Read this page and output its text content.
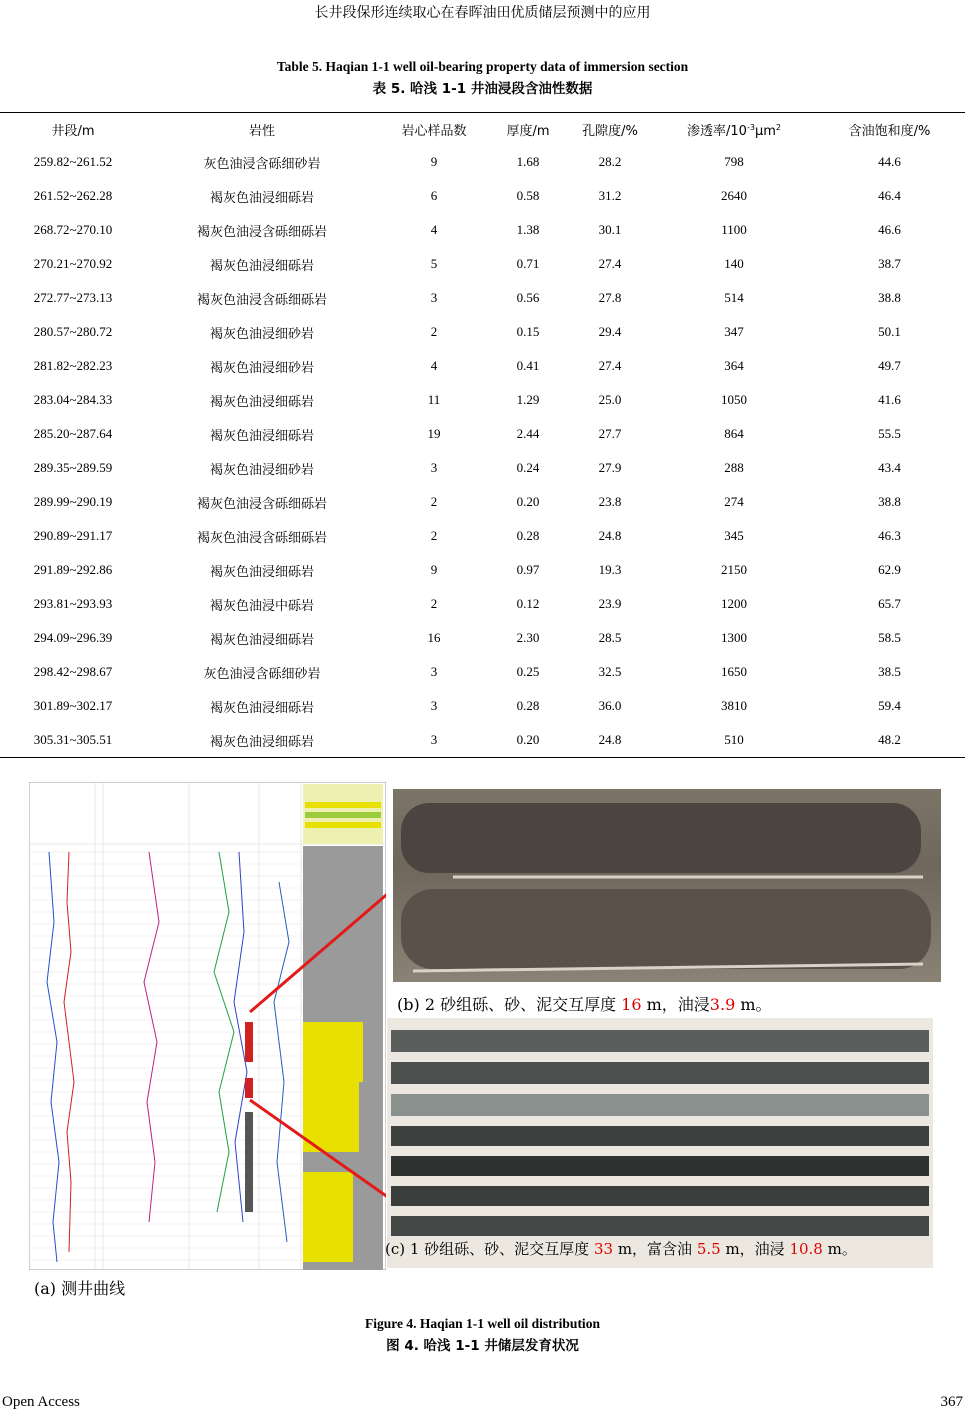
长井段保形连续取心在春晖油田优质储层预测中的应用
Table 5. Haqian 1-1 well oil-bearing property data of immersion section
表 5. 哈浅 1-1 井油浸段含油性数据
井段/m	岩性	岩心样品数	厚度/m	孔隙度/%	渗透率$/10^{-3}\mu m^2$	含油饱和度/%
259.82~261.52	灰色油浸含砾细砂岩	9	1.68	28.2	798	44.6
261.52~262.28	褐灰色油浸细砾岩	6	0.58	31.2	2640	46.4
268.72~270.10	褐灰色油浸含砾细砾岩	4	1.38	30.1	1100	46.6
270.21~270.92	褐灰色油浸细砾岩	5	0.71	27.4	140	38.7
272.77~273.13	褐灰色油浸含砾细砾岩	3	0.56	27.8	514	38.8
280.57~280.72	褐灰色油浸细砂岩	2	0.15	29.4	347	50.1
281.82~282.23	褐灰色油浸细砂岩	4	0.41	27.4	364	49.7
283.04~284.33	褐灰色油浸细砾岩	11	1.29	25.0	1050	41.6
285.20~287.64	褐灰色油浸细砾岩	19	2.44	27.7	864	55.5
289.35~289.59	褐灰色油浸细砂岩	3	0.24	27.9	288	43.4
289.99~290.19	褐灰色油浸含砾细砾岩	2	0.20	23.8	274	38.8
290.89~291.17	褐灰色油浸含砾细砾岩	2	0.28	24.8	345	46.3
291.89~292.86	褐灰色油浸细砾岩	9	0.97	19.3	2150	62.9
293.81~293.93	褐灰色油浸中砾岩	2	0.12	23.9	1200	65.7
294.09~296.39	褐灰色油浸细砾岩	16	2.30	28.5	1300	58.5
298.42~298.67	灰色油浸含砾细砂岩	3	0.25	32.5	1650	38.5
301.89~302.17	褐灰色油浸细砾岩	3	0.28	36.0	3810	59.4
305.31~305.51	褐灰色油浸细砾岩	3	0.20	24.8	510	48.2
(b) 2 砂组砾、砂、泥交互厚度 16 m，油浸3.9 m。
(c) 1 砂组砾、砂、泥交互厚度 33 m，富含油 5.5 m，油浸 10.8 m。
(a) 测井曲线
Figure 4. Haqian 1-1 well oil distribution
图 4. 哈浅 1-1 井储层发育状况
Open Access	367
